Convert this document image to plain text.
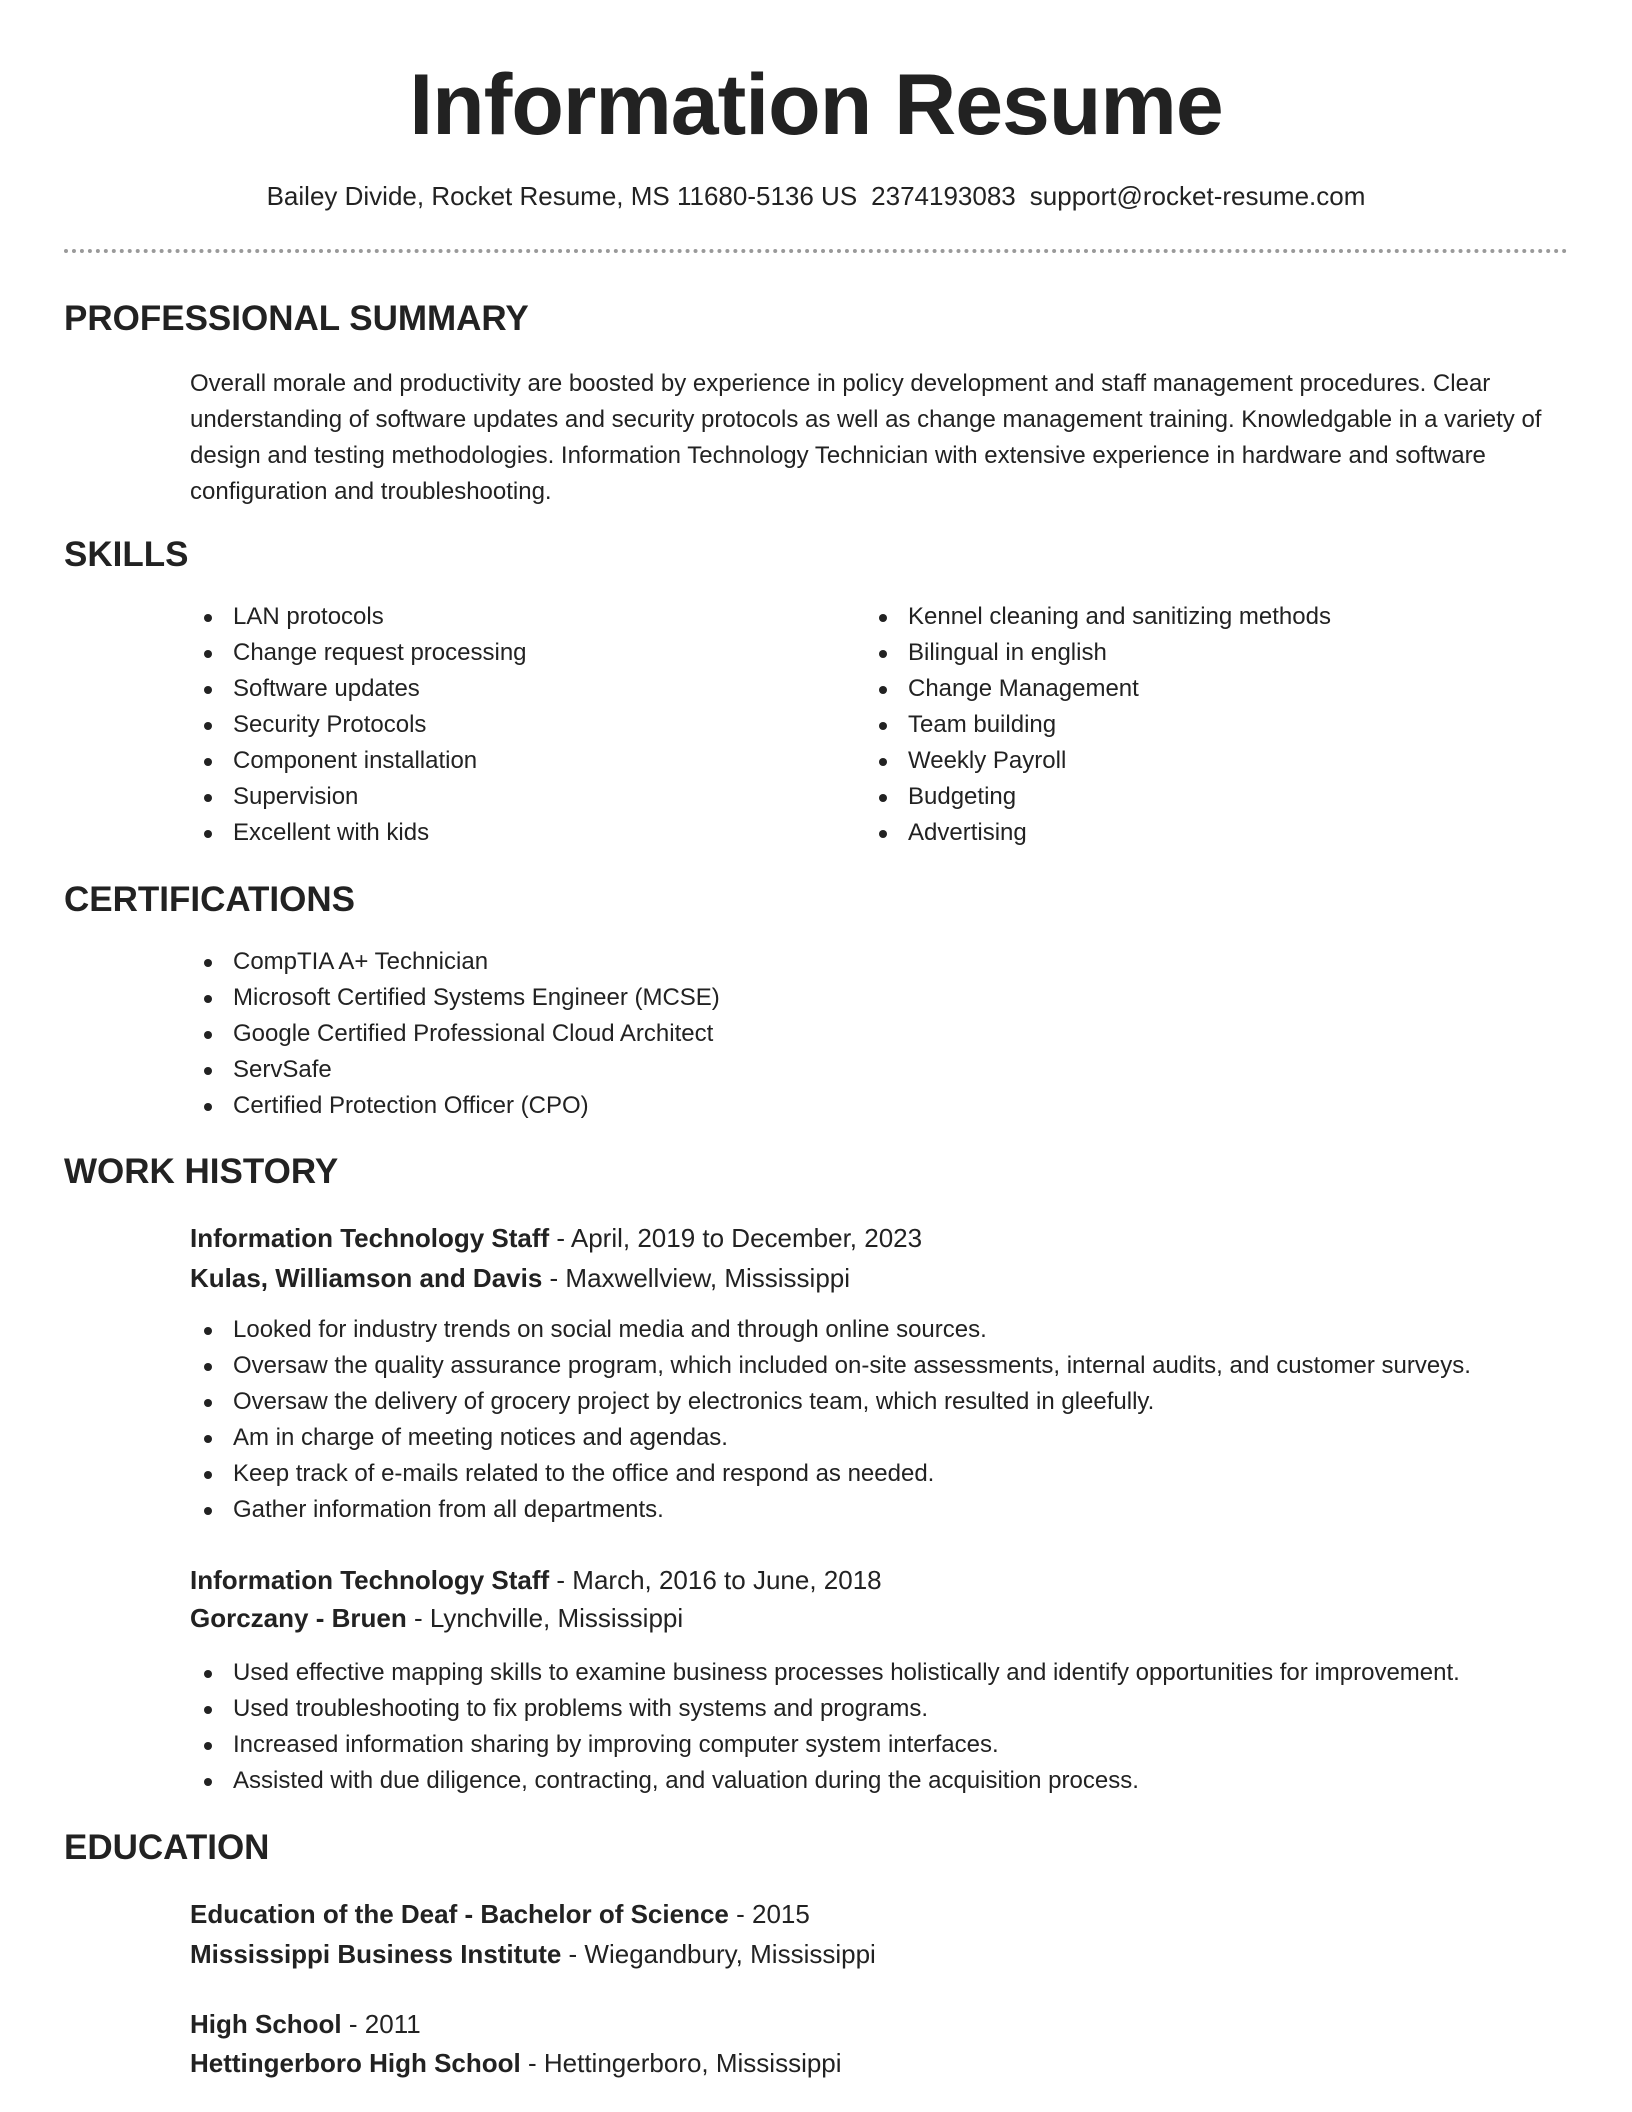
Information Resume
Bailey Divide, Rocket Resume, MS 11680-5136 US 2374193083 support@rocket-resume.com
PROFESSIONAL SUMMARY

Overall morale and productivity are boosted by experience in policy development and staff management procedures. Clear understanding of software updates and security protocols as well as change management training. Knowledgable in a variety of design and testing methodologies. Information Technology Technician with extensive experience in hardware and software configuration and troubleshooting.

SKILLS
LAN protocols
Change request processing
Software updates
Security Protocols
Component installation
Supervision
Excellent with kids
Kennel cleaning and sanitizing methods
Bilingual in english
Change Management
Team building
Weekly Payroll
Budgeting
Advertising
CERTIFICATIONS
CompTIA A+ Technician
Microsoft Certified Systems Engineer (MCSE)
Google Certified Professional Cloud Architect
ServSafe
Certified Protection Officer (CPO)
WORK HISTORY
Information Technology Staff - April, 2019 to December, 2023
Kulas, Williamson and Davis - Maxwellview, Mississippi
Looked for industry trends on social media and through online sources.
Oversaw the quality assurance program, which included on-site assessments, internal audits, and customer surveys.
Oversaw the delivery of grocery project by electronics team, which resulted in gleefully.
Am in charge of meeting notices and agendas.
Keep track of e-mails related to the office and respond as needed.
Gather information from all departments.
Information Technology Staff - March, 2016 to June, 2018
Gorczany - Bruen - Lynchville, Mississippi
Used effective mapping skills to examine business processes holistically and identify opportunities for improvement.
Used troubleshooting to fix problems with systems and programs.
Increased information sharing by improving computer system interfaces.
Assisted with due diligence, contracting, and valuation during the acquisition process.
EDUCATION
Education of the Deaf - Bachelor of Science - 2015
Mississippi Business Institute - Wiegandbury, Mississippi
High School - 2011
Hettingerboro High School - Hettingerboro, Mississippi
